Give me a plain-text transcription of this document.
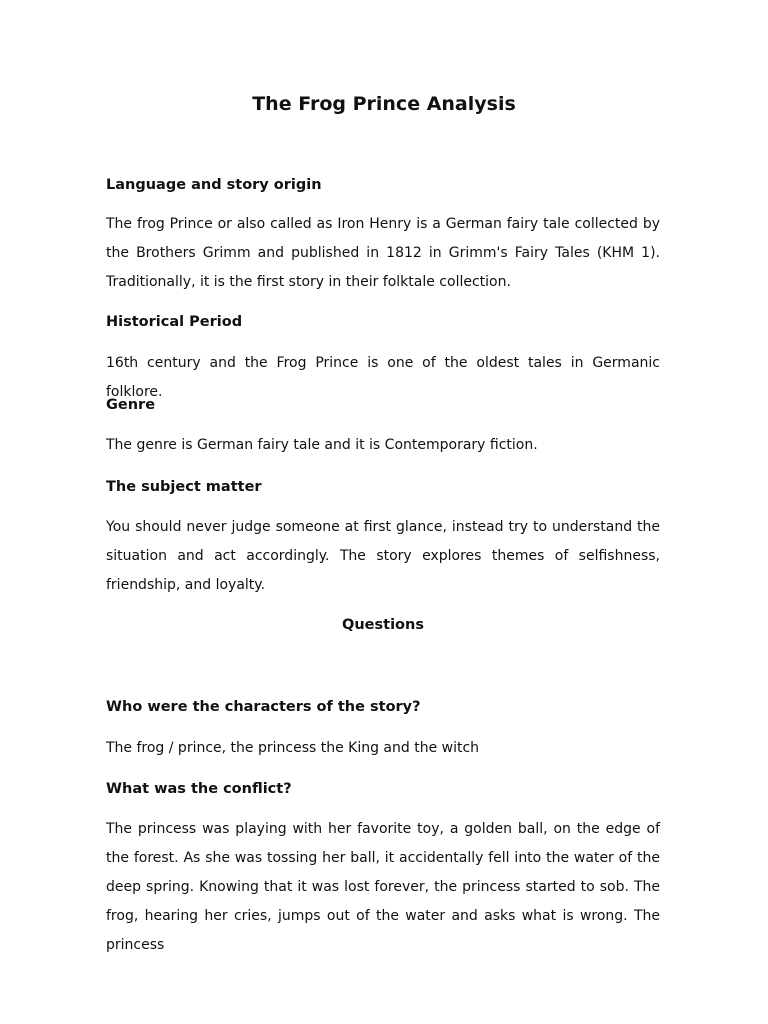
The Frog Prince Analysis
Language and story origin
The frog Prince or also called as Iron Henry is a German fairy tale collected by the Brothers Grimm and published in 1812 in Grimm's Fairy Tales (KHM 1). Traditionally, it is the first story in their folktale collection.
Historical Period
16th century and the Frog Prince is one of the oldest tales in Germanic folklore.
Genre
The genre is German fairy tale and it is Contemporary fiction.
The subject matter
You should never judge someone at first glance, instead try to understand the situation and act accordingly. The story explores themes of selfishness, friendship, and loyalty.
Questions
Who were the characters of the story?
The frog / prince, the princess the King and the witch
What was the conflict?
The princess was playing with her favorite toy, a golden ball, on the edge of the forest. As she was tossing her ball, it accidentally fell into the water of the deep spring. Knowing that it was lost forever, the princess started to sob. The frog, hearing her cries, jumps out of the water and asks what is wrong. The princess
